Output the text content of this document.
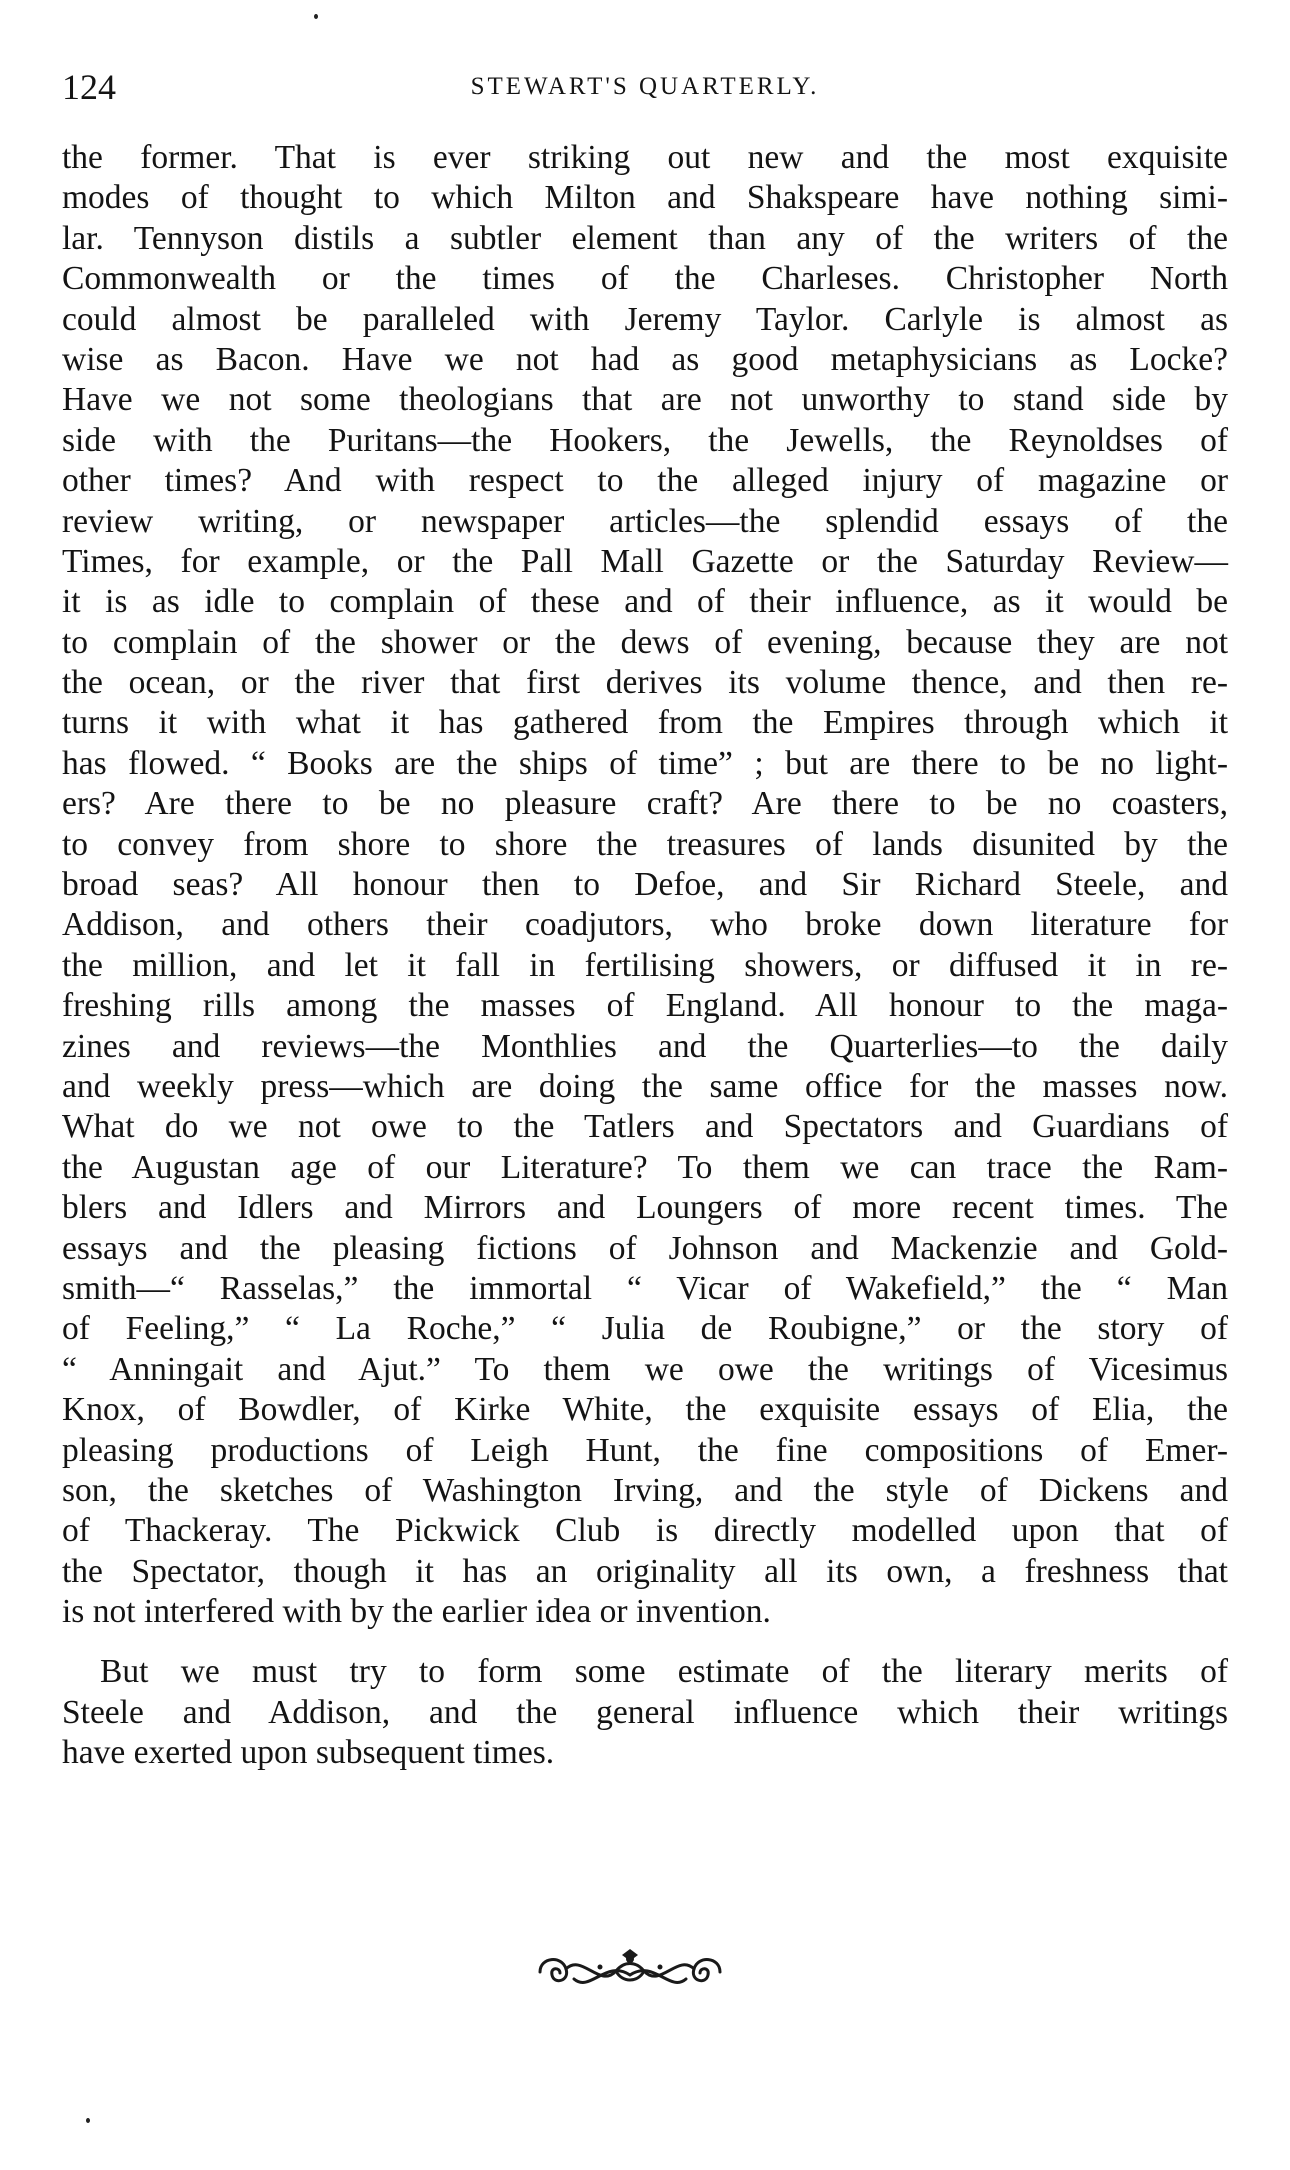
124	STEWART'S QUARTERLY.
the former. That is ever striking out new and the most exquisite
modes of thought to which Milton and Shakspeare have nothing simi-
lar. Tennyson distils a subtler element than any of the writers of the
Commonwealth or the times of the Charleses. Christopher North
could almost be paralleled with Jeremy Taylor. Carlyle is almost as
wise as Bacon. Have we not had as good metaphysicians as Locke?
Have we not some theologians that are not unworthy to stand side by
side with the Puritans—the Hookers, the Jewells, the Reynoldses of
other times? And with respect to the alleged injury of magazine or
review writing, or newspaper articles—the splendid essays of the
Times, for example, or the Pall Mall Gazette or the Saturday Review—
it is as idle to complain of these and of their influence, as it would be
to complain of the shower or the dews of evening, because they are not
the ocean, or the river that first derives its volume thence, and then re-
turns it with what it has gathered from the Empires through which it
has flowed. “ Books are the ships of time” ; but are there to be no light-
ers? Are there to be no pleasure craft? Are there to be no coasters,
to convey from shore to shore the treasures of lands disunited by the
broad seas? All honour then to Defoe, and Sir Richard Steele, and
Addison, and others their coadjutors, who broke down literature for
the million, and let it fall in fertilising showers, or diffused it in re-
freshing rills among the masses of England. All honour to the maga-
zines and reviews—the Monthlies and the Quarterlies—to the daily
and weekly press—which are doing the same office for the masses now.
What do we not owe to the Tatlers and Spectators and Guardians of
the Augustan age of our Literature? To them we can trace the Ram-
blers and Idlers and Mirrors and Loungers of more recent times. The
essays and the pleasing fictions of Johnson and Mackenzie and Gold-
smith—“ Rasselas,” the immortal “ Vicar of Wakefield,” the “ Man
of Feeling,” “ La Roche,” “ Julia de Roubigne,” or the story of
“ Anningait and Ajut.” To them we owe the writings of Vicesimus
Knox, of Bowdler, of Kirke White, the exquisite essays of Elia, the
pleasing productions of Leigh Hunt, the fine compositions of Emer-
son, the sketches of Washington Irving, and the style of Dickens and
of Thackeray. The Pickwick Club is directly modelled upon that of
the Spectator, though it has an originality all its own, a freshness that
is not interfered with by the earlier idea or invention.
But we must try to form some estimate of the literary merits of
Steele and Addison, and the general influence which their writings
have exerted upon subsequent times.
